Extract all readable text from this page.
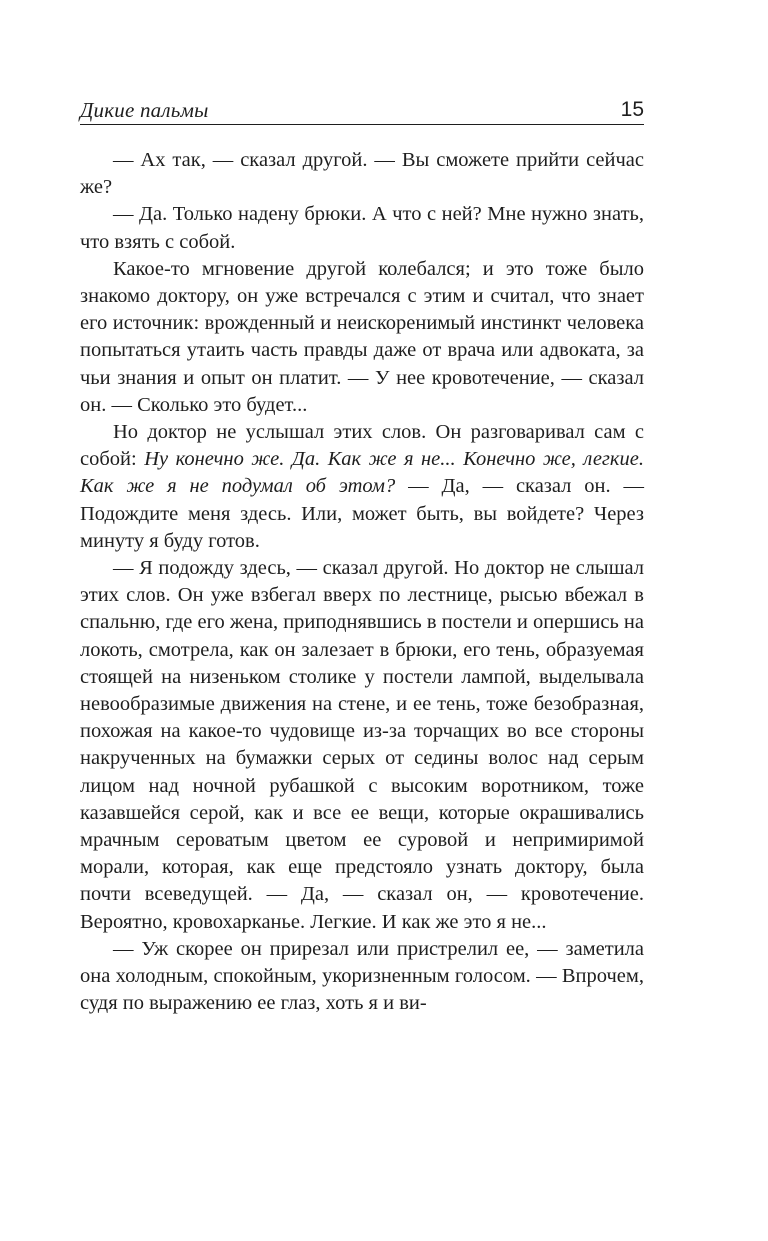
Дикие пальмы	15

— Ах так, — сказал другой. — Вы сможете прийти сейчас же?

— Да. Только надену брюки. А что с ней? Мне нужно знать, что взять с собой.

Какое-то мгновение другой колебался; и это тоже было знакомо доктору, он уже встречался с этим и считал, что знает его источник: врожденный и неискоренимый инстинкт человека попытаться утаить часть правды даже от врача или адвоката, за чьи знания и опыт он платит. — У нее кровотечение, — сказал он. — Сколько это будет...

Но доктор не услышал этих слов. Он разговаривал сам с собой: Ну конечно же. Да. Как же я не... Конечно же, легкие. Как же я не подумал об этом? — Да, — сказал он. — Подождите меня здесь. Или, может быть, вы войдете? Через минуту я буду готов.

— Я подожду здесь, — сказал другой. Но доктор не слышал этих слов. Он уже взбегал вверх по лестнице, рысью вбежал в спальню, где его жена, приподнявшись в постели и опершись на локоть, смотрела, как он залезает в брюки, его тень, образуемая стоящей на низеньком столике у постели лампой, выделывала невообразимые движения на стене, и ее тень, тоже безобразная, похожая на какое-то чудовище из-за торчащих во все стороны накрученных на бумажки серых от седины волос над серым лицом над ночной рубашкой с высоким воротником, тоже казавшейся серой, как и все ее вещи, которые окрашивались мрачным сероватым цветом ее суровой и непримиримой морали, которая, как еще предстояло узнать доктору, была почти всеведущей. — Да, — сказал он, — кровотечение. Вероятно, кровохарканье. Легкие. И как же это я не...

— Уж скорее он прирезал или пристрелил ее, — заметила она холодным, спокойным, укоризненным голосом. — Впрочем, судя по выражению ее глаз, хоть я и ви-
